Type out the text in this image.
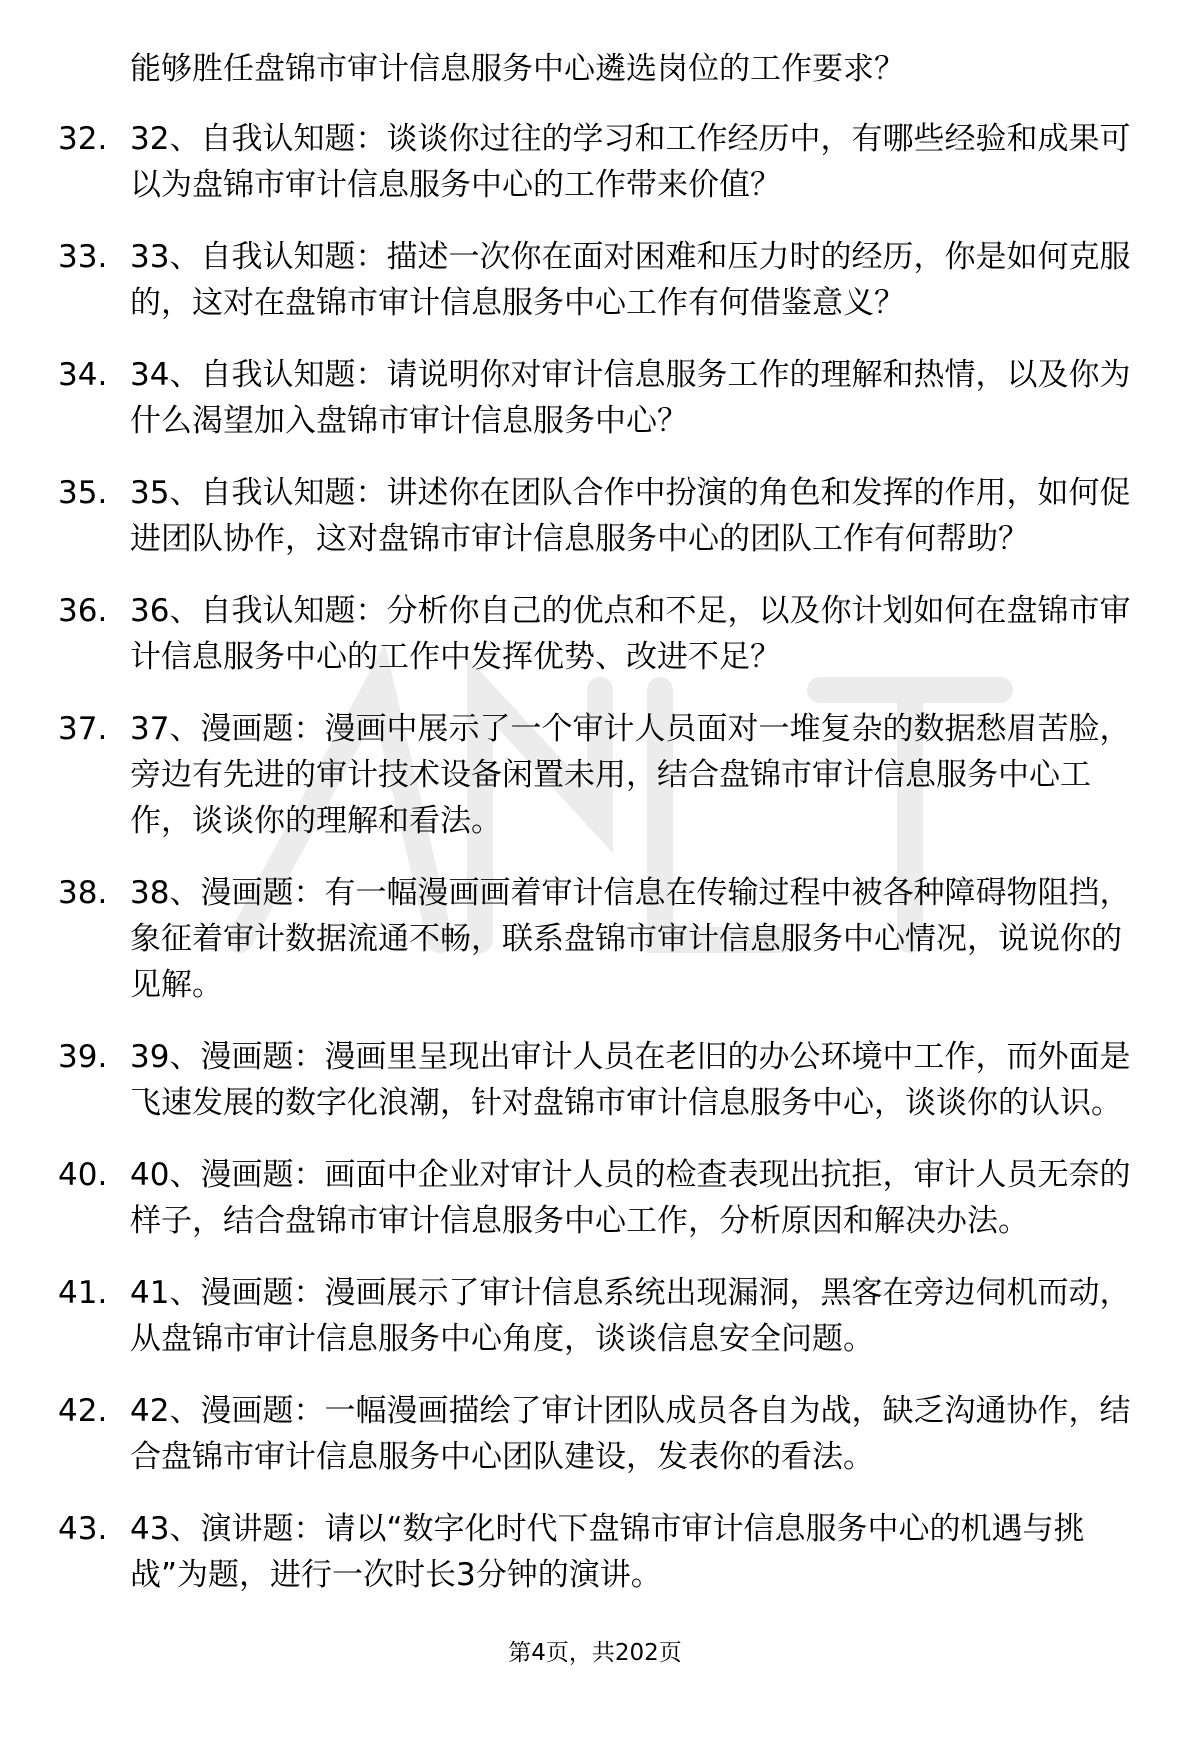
能够胜任盘锦市审计信息服务中心遴选岗位的工作要求？
32. 32、自我认知题：谈谈你过往的学习和工作经历中，有哪些经验和成果可以为盘锦市审计信息服务中心的工作带来价值？
33. 33、自我认知题：描述一次你在面对困难和压力时的经历，你是如何克服的，这对在盘锦市审计信息服务中心工作有何借鉴意义？
34. 34、自我认知题：请说明你对审计信息服务工作的理解和热情，以及你为什么渴望加入盘锦市审计信息服务中心？
35. 35、自我认知题：讲述你在团队合作中扮演的角色和发挥的作用，如何促进团队协作，这对盘锦市审计信息服务中心的团队工作有何帮助？
36. 36、自我认知题：分析你自己的优点和不足，以及你计划如何在盘锦市审计信息服务中心的工作中发挥优势、改进不足？
37. 37、漫画题：漫画中展示了一个审计人员面对一堆复杂的数据愁眉苦脸，旁边有先进的审计技术设备闲置未用，结合盘锦市审计信息服务中心工作，谈谈你的理解和看法。
38. 38、漫画题：有一幅漫画画着审计信息在传输过程中被各种障碍物阻挡，象征着审计数据流通不畅，联系盘锦市审计信息服务中心情况，说说你的见解。
39. 39、漫画题：漫画里呈现出审计人员在老旧的办公环境中工作，而外面是飞速发展的数字化浪潮，针对盘锦市审计信息服务中心，谈谈你的认识。
40. 40、漫画题：画面中企业对审计人员的检查表现出抗拒，审计人员无奈的样子，结合盘锦市审计信息服务中心工作，分析原因和解决办法。
41. 41、漫画题：漫画展示了审计信息系统出现漏洞，黑客在旁边伺机而动，从盘锦市审计信息服务中心角度，谈谈信息安全问题。
42. 42、漫画题：一幅漫画描绘了审计团队成员各自为战，缺乏沟通协作，结合盘锦市审计信息服务中心团队建设，发表你的看法。
43. 43、演讲题：请以“数字化时代下盘锦市审计信息服务中心的机遇与挑战”为题，进行一次时长3分钟的演讲。
第4页，共202页
